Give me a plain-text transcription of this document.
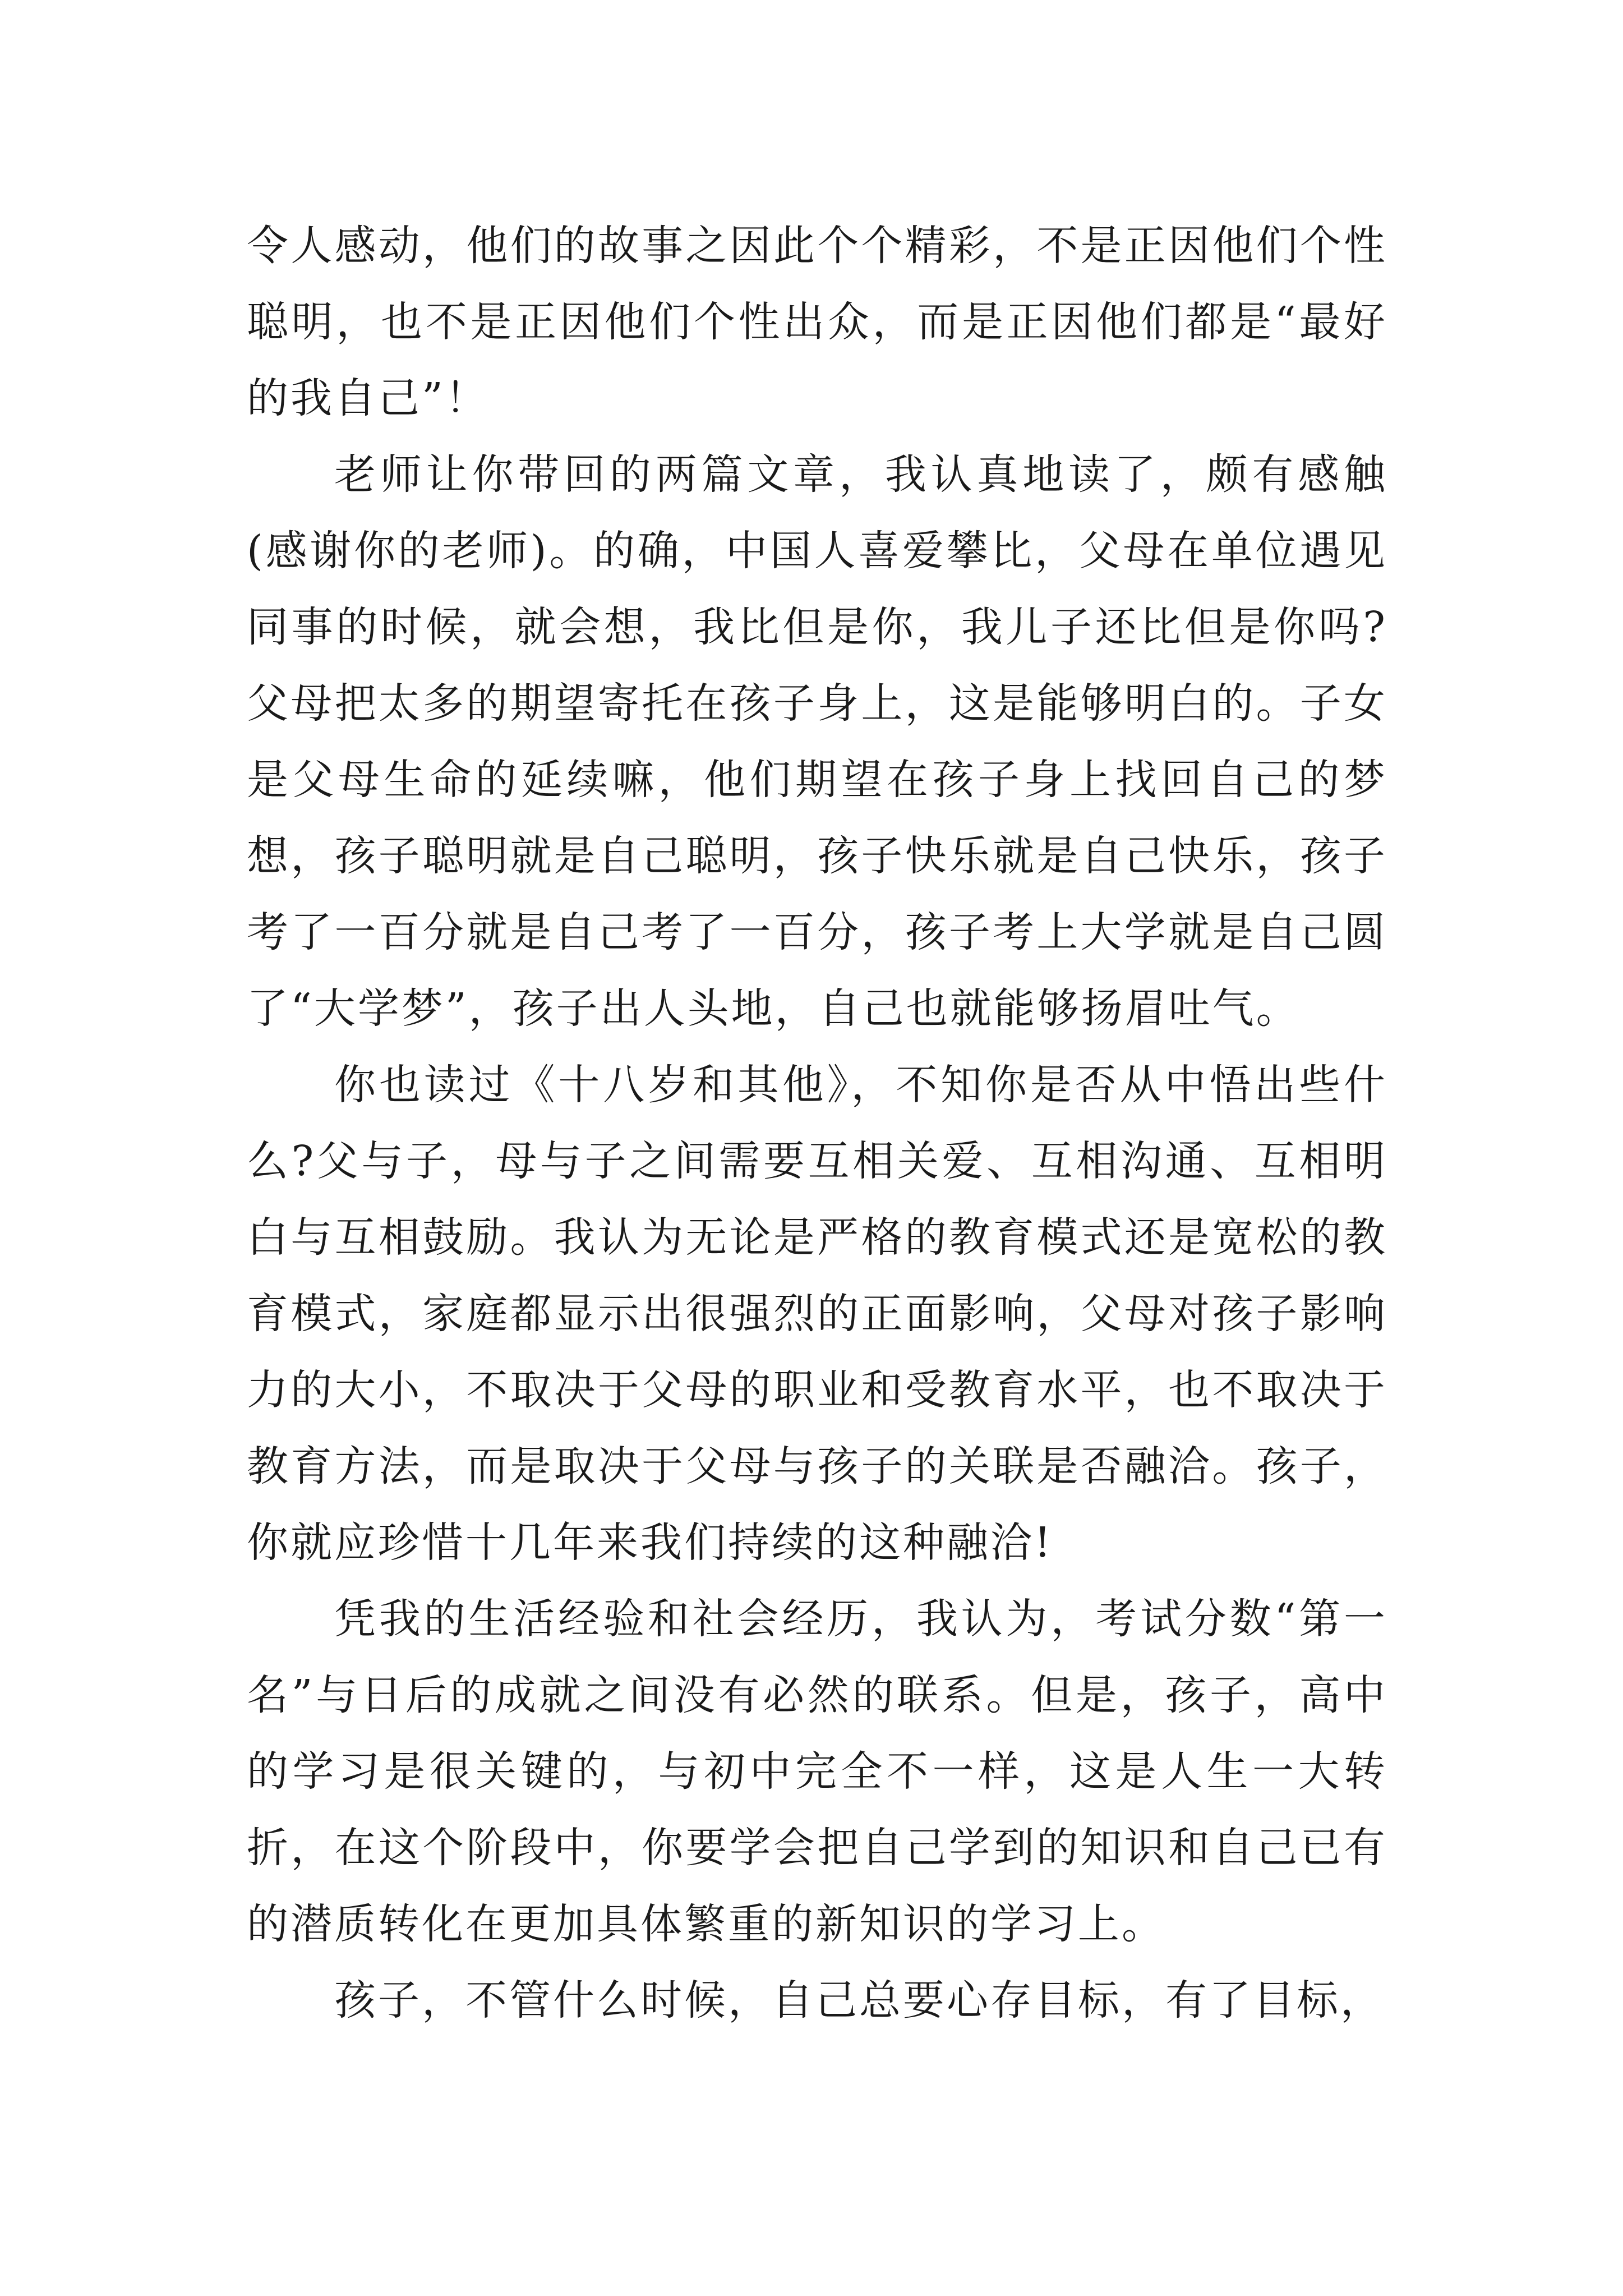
令人感动，他们的故事之因此个个精彩，不是正因他们个性聪明，也不是正因他们个性出众，而是正因他们都是“最好的我自己”！

老师让你带回的两篇文章，我认真地读了，颇有感触(感谢你的老师)。的确，中国人喜爱攀比，父母在单位遇见同事的时候，就会想，我比但是你，我儿子还比但是你吗?父母把太多的期望寄托在孩子身上，这是能够明白的。子女是父母生命的延续嘛，他们期望在孩子身上找回自己的梦想，孩子聪明就是自己聪明，孩子快乐就是自己快乐，孩子考了一百分就是自己考了一百分，孩子考上大学就是自己圆了“大学梦”，孩子出人头地，自己也就能够扬眉吐气。

你也读过《十八岁和其他》，不知你是否从中悟出些什么?父与子，母与子之间需要互相关爱、互相沟通、互相明白与互相鼓励。我认为无论是严格的教育模式还是宽松的教育模式，家庭都显示出很强烈的正面影响，父母对孩子影响力的大小，不取决于父母的职业和受教育水平，也不取决于教育方法，而是取决于父母与孩子的关联是否融洽。孩子，你就应珍惜十几年来我们持续的这种融洽!

凭我的生活经验和社会经历，我认为，考试分数“第一名”与日后的成就之间没有必然的联系。但是，孩子，高中的学习是很关键的，与初中完全不一样，这是人生一大转折，在这个阶段中，你要学会把自己学到的知识和自己已有的潜质转化在更加具体繁重的新知识的学习上。

孩子，不管什么时候，自己总要心存目标，有了目标，
